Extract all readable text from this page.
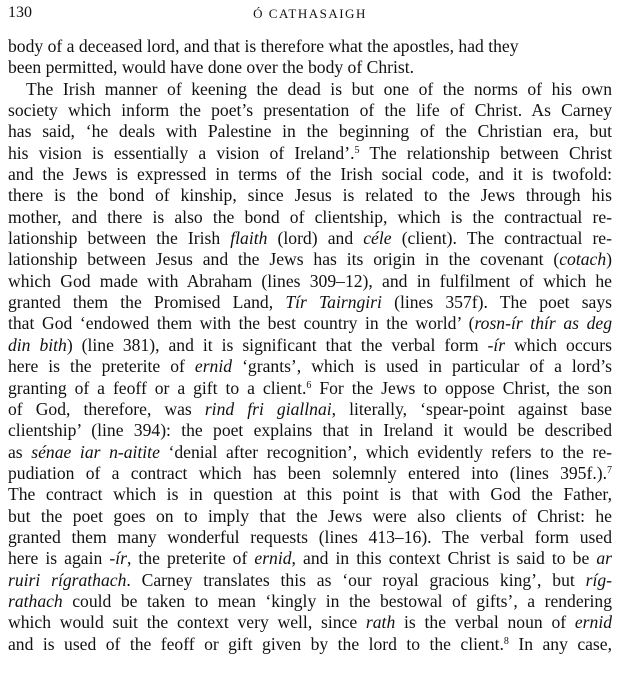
130	Ó CATHASAIGH
body of a deceased lord, and that is therefore what the apostles, had they
been permitted, would have done over the body of Christ.
The Irish manner of keening the dead is but one of the norms of his own
society which inform the poet’s presentation of the life of Christ. As Carney
has said, ‘he deals with Palestine in the beginning of the Christian era, but
his vision is essentially a vision of Ireland’.$^5$ The relationship between Christ
and the Jews is expressed in terms of the Irish social code, and it is twofold:
there is the bond of kinship, since Jesus is related to the Jews through his
mother, and there is also the bond of clientship, which is the contractual re-
lationship between the Irish flaith (lord) and céle (client). The contractual re-
lationship between Jesus and the Jews has its origin in the covenant (cotach)
which God made with Abraham (lines 309–12), and in fulfilment of which he
granted them the Promised Land, Tír Tairngiri (lines 357f). The poet says
that God ‘endowed them with the best country in the world’ (rosn-ír thír as deg
din bith) (line 381), and it is significant that the verbal form -ír which occurs
here is the preterite of ernid ‘grants’, which is used in particular of a lord’s
granting of a feoff or a gift to a client.$^6$ For the Jews to oppose Christ, the son
of God, therefore, was rind fri giallnai, literally, ‘spear-point against base
clientship’ (line 394): the poet explains that in Ireland it would be described
as sénae iar n-aitite ‘denial after recognition’, which evidently refers to the re-
pudiation of a contract which has been solemnly entered into (lines 395f.).$^7$
The contract which is in question at this point is that with God the Father,
but the poet goes on to imply that the Jews were also clients of Christ: he
granted them many wonderful requests (lines 413–16). The verbal form used
here is again -ír, the preterite of ernid, and in this context Christ is said to be ar
ruiri rígrathach. Carney translates this as ‘our royal gracious king’, but ríg-
rathach could be taken to mean ‘kingly in the bestowal of gifts’, a rendering
which would suit the context very well, since rath is the verbal noun of ernid
and is used of the feoff or gift given by the lord to the client.$^8$ In any case,
